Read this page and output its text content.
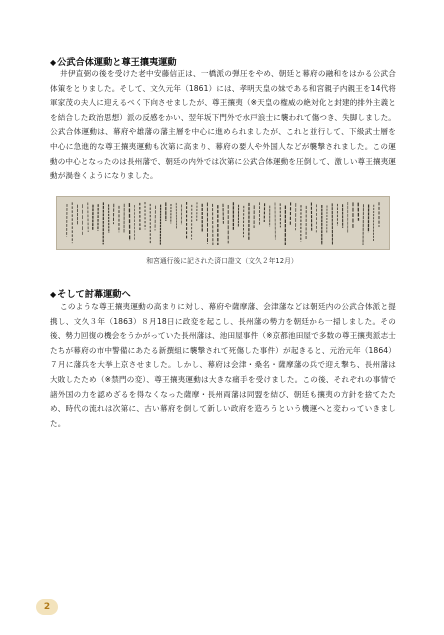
◆公武合体運動と尊王攘夷運動

井伊直弼の後を受けた老中安藤信正は、一橋派の弾圧をやめ、朝廷と幕府の融和をはかる公武合体策をとりました。そして、文久元年（1861）には、孝明天皇の妹である和宮親子内親王を14代将軍家茂の夫人に迎えるべく下向させましたが、尊王攘夷（※天皇の権威の絶対化と封建的排外主義とを結合した政治思想）派の反感をかい、翌年坂下門外で水戸浪士に襲われて傷つき、失脚しました。公武合体運動は、幕府や雄藩の藩主層を中心に進められましたが、これと並行して、下級武士層を中心に急進的な尊王攘夷運動も次第に高まり、幕府の要人や外国人などが襲撃されました。この運動の中心となったのは長州藩で、朝廷の内外では次第に公武合体運動を圧倒して、激しい尊王攘夷運動が渦巻くようになりました。

和宮通行後に記された済口證文（文久２年12月）
◆そして討幕運動へ

このような尊王攘夷運動の高まりに対し、幕府や薩摩藩、会津藩などは朝廷内の公武合体派と提携し、文久３年（1863）８月18日に政変を起こし、長州藩の勢力を朝廷から一掃しました。その後、勢力回復の機会をうかがっていた長州藩は、池田屋事件（※京都池田屋で多数の尊王攘夷派志士たちが幕府の市中警備にあたる新撰組に襲撃されて死傷した事件）が起きると、元治元年（1864）７月に藩兵を大挙上京させました。しかし、幕府は会津・桑名・薩摩藩の兵で迎え撃ち、長州藩は大敗したため（※禁門の変）、尊王攘夷運動は大きな痛手を受けました。この後、それぞれの事情で諸外国の力を認めざるを得なくなった薩摩・長州両藩は同盟を結び、朝廷も攘夷の方針を捨てたため、時代の流れは次第に、古い幕府を倒して新しい政府を造ろうという機運へと変わっていきました。

2
